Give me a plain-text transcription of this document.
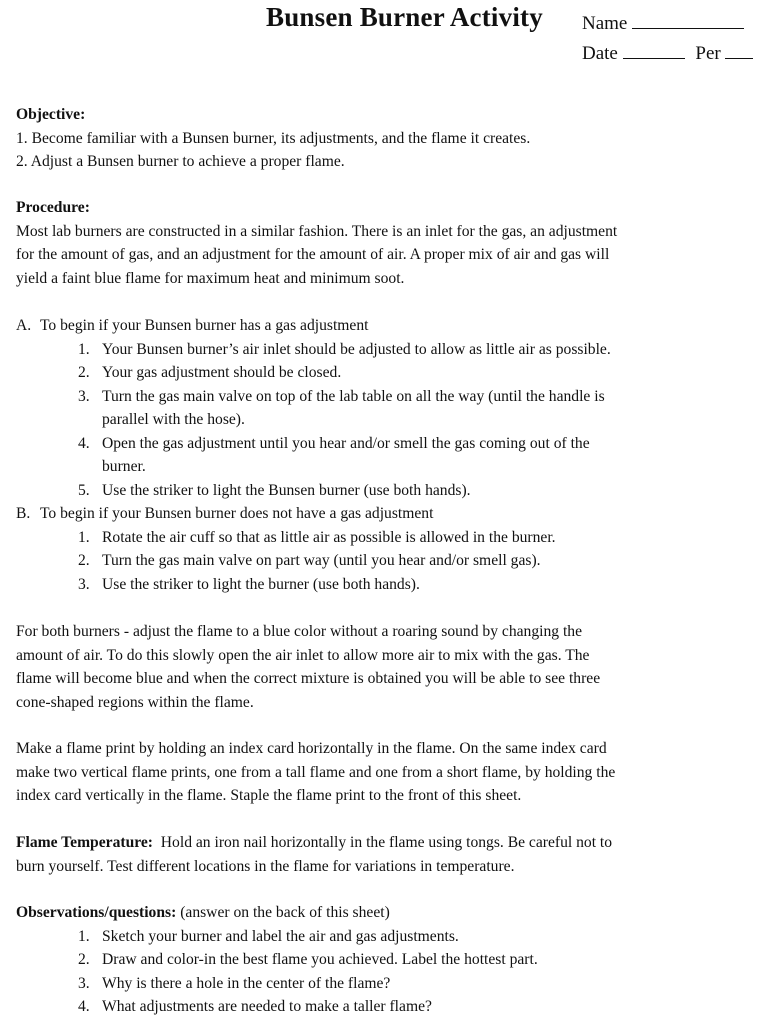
Bunsen Burner Activity Name
Date	Per

Objective:

1. Become familiar with a Bunsen burner, its adjustments, and the flame it creates.

2. Adjust a Bunsen burner to achieve a proper flame.

Procedure:

Most lab burners are constructed in a similar fashion. There is an inlet for the gas, an adjustment

for the amount of gas, and an adjustment for the amount of air. A proper mix of air and gas will

yield a faint blue flame for maximum heat and minimum soot.

A. To begin if your Bunsen burner has a gas adjustment

1. Your Bunsen burner’s air inlet should be adjusted to allow as little air as possible.
2. Your gas adjustment should be closed.
3. Turn the gas main valve on top of the lab table on all the way (until the handle is
parallel with the hose).
4. Open the gas adjustment until you hear and/or smell the gas coming out of the
burner.
5. Use the striker to light the Bunsen burner (use both hands).

B. To begin if your Bunsen burner does not have a gas adjustment

1. Rotate the air cuff so that as little air as possible is allowed in the burner.
2. Turn the gas main valve on part way (until you hear and/or smell gas).
3. Use the striker to light the burner (use both hands).

For both burners - adjust the flame to a blue color without a roaring sound by changing the

amount of air. To do this slowly open the air inlet to allow more air to mix with the gas. The

flame will become blue and when the correct mixture is obtained you will be able to see three

cone-shaped regions within the flame.

Make a flame print by holding an index card horizontally in the flame. On the same index card

make two vertical flame prints, one from a tall flame and one from a short flame, by holding the

index card vertically in the flame. Staple the flame print to the front of this sheet.

Flame Temperature: Hold an iron nail horizontally in the flame using tongs. Be careful not to

burn yourself. Test different locations in the flame for variations in temperature.

Observations/questions: (answer on the back of this sheet)

1. Sketch your burner and label the air and gas adjustments.
2. Draw and color-in the best flame you achieved. Label the hottest part.
3. Why is there a hole in the center of the flame?
4. What adjustments are needed to make a taller flame?
